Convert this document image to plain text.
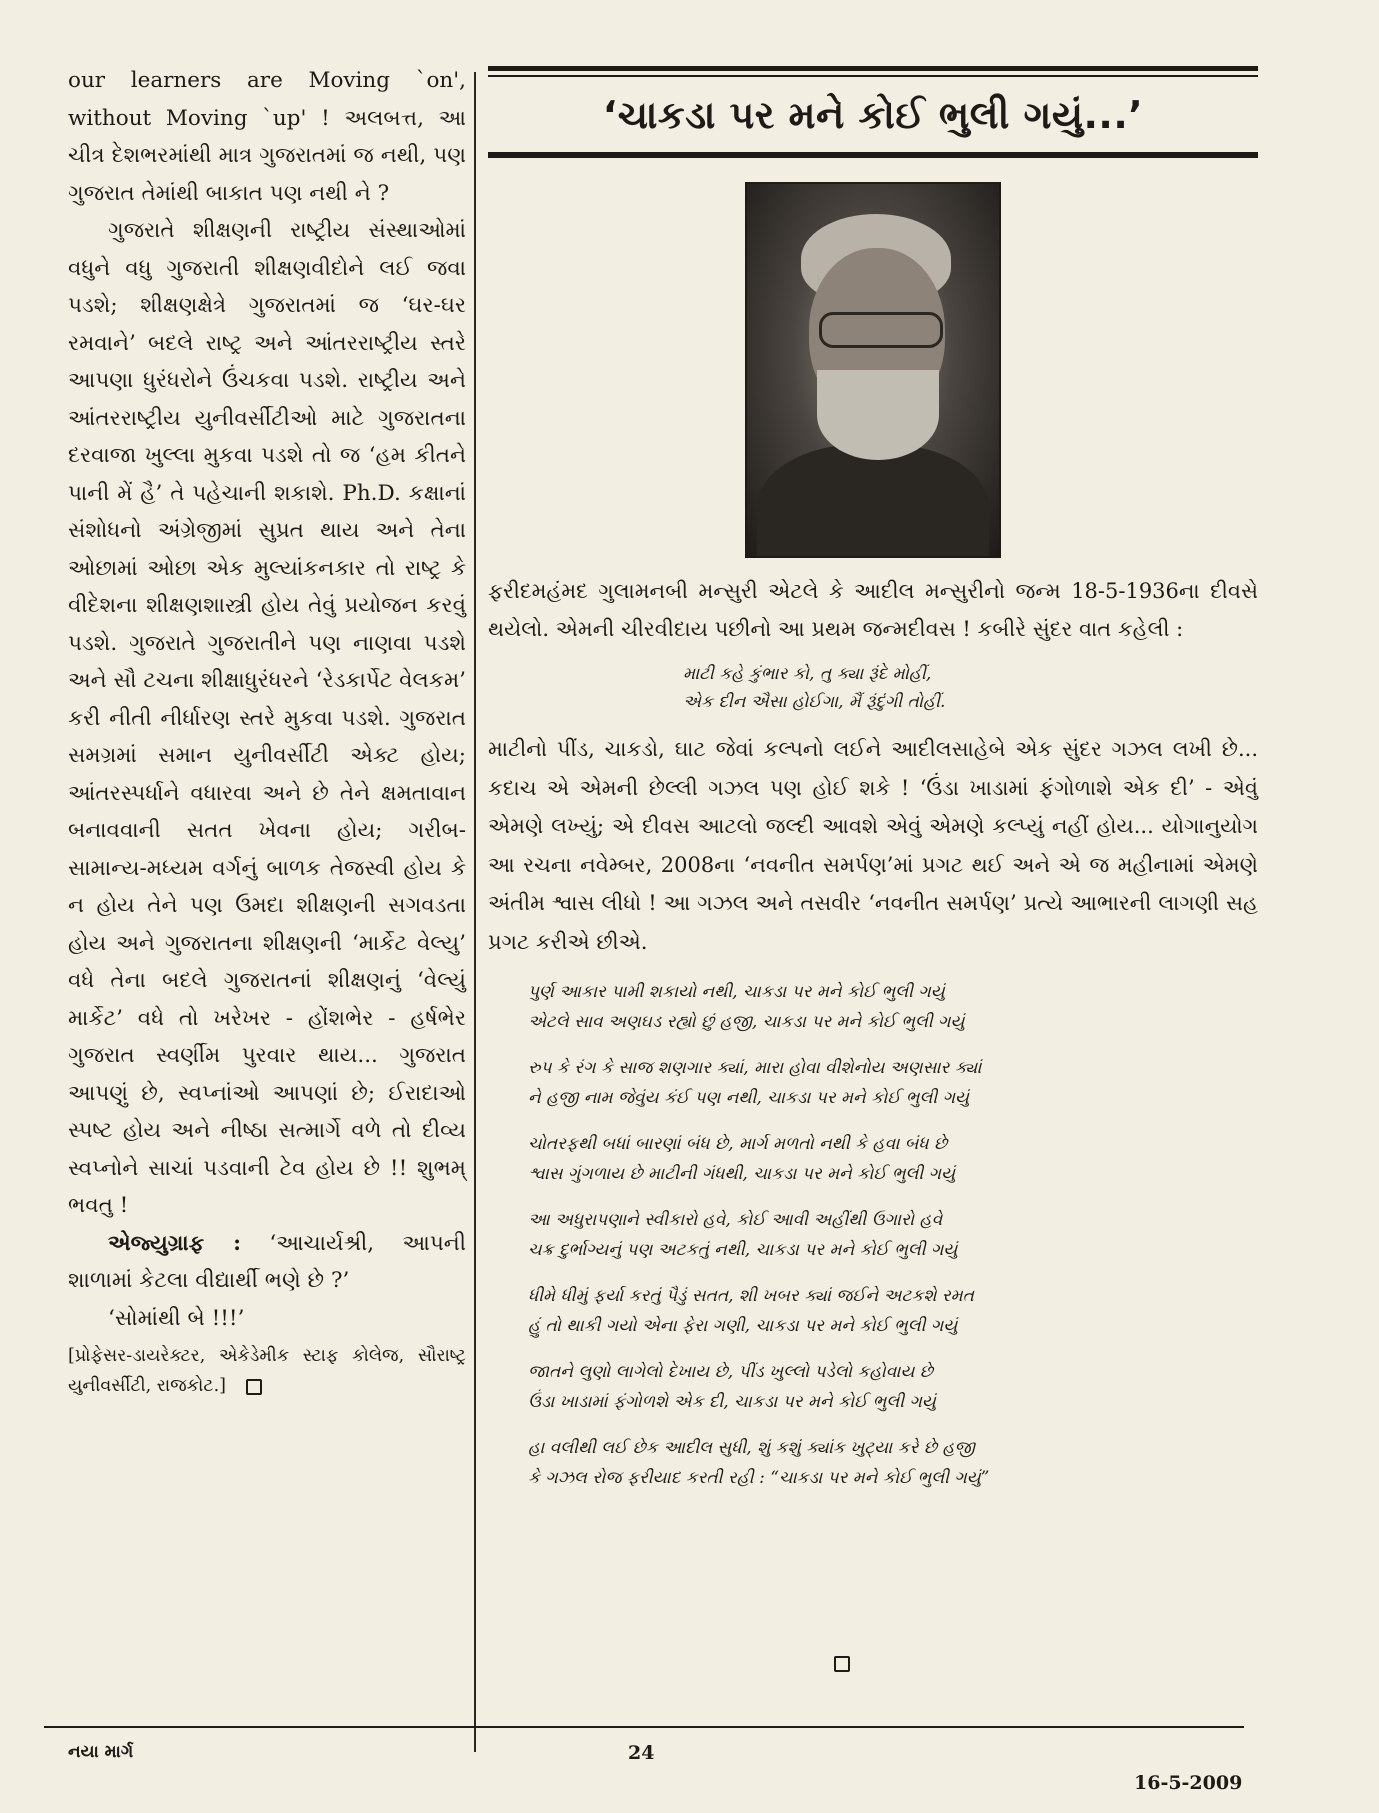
our learners are Moving `on', without Moving `up' ! અલબત્ત, આ ચીત્ર દેશભરમાંથી માત્ર ગુજરાતમાં જ નથી, પણ ગુજરાત તેમાંથી બાકાત પણ નથી ને ?

ગુજરાતે શીક્ષણની રાષ્ટ્રીય સંસ્થાઓમાં વધુને વધુ ગુજરાતી શીક્ષણવીદોને લઈ જવા પડશે; શીક્ષણક્ષેત્રે ગુજરાતમાં જ ‘ઘર-ઘર રમવાને’ બદલે રાષ્ટ્ર અને આંતરરાષ્ટ્રીય સ્તરે આપણા ધુરંધરોને ઉંચકવા પડશે. રાષ્ટ્રીય અને આંતરરાષ્ટ્રીય યુનીવર્સીટીઓ માટે ગુજરાતના દરવાજા ખુલ્લા મુકવા પડશે તો જ ‘હમ કીતને પાની મેં હૈ’ તે પહેચાની શકાશે. Ph.D. કક્ષાનાં સંશોધનો અંગ્રેજીમાં સુપ્રત થાય અને તેના ઓછામાં ઓછા એક મુલ્યાંકનકાર તો રાષ્ટ્ર કે વીદેશના શીક્ષણશાસ્ત્રી હોય તેવું પ્રયોજન કરવું પડશે. ગુજરાતે ગુજરાતીને પણ નાણવા પડશે અને સૌ ટચના શીક્ષાધુરંધરને ‘રેડકાર્પેટ વેલકમ’ કરી નીતી નીર્ધારણ સ્તરે મુકવા પડશે. ગુજરાત સમગ્રમાં સમાન યુનીવર્સીટી એક્ટ હોય; આંતરસ્પર્ધાને વધારવા અને છે તેને ક્ષમતાવાન બનાવવાની સતત ખેવના હોય; ગરીબ-સામાન્ય-મધ્યમ વર્ગનું બાળક તેજસ્વી હોય કે ન હોય તેને પણ ઉમદા શીક્ષણની સગવડતા હોય અને ગુજરાતના શીક્ષણની ‘માર્કેટ વેલ્યુ’ વધે તેના બદલે ગુજરાતનાં શીક્ષણનું ‘વેલ્યું માર્કેટ’ વધે તો ખરેખર - હોંશભેર - હર્ષભેર ગુજરાત સ્વર્ણીમ પુરવાર થાય... ગુજરાત આપણું છે, સ્વપ્નાંઓ આપણાં છે; ઈરાદાઓ સ્પષ્ટ હોય અને નીષ્ઠા સત્માર્ગે વળે તો દીવ્ય સ્વપ્નોને સાચાં પડવાની ટેવ હોય છે !! શુભમ્ ભવતુ !

એજ્યુગ્રાફ : ‘આચાર્યશ્રી, આપની શાળામાં કેટલા વીદ્યાર્થી ભણે છે ?’

‘સોમાંથી બે !!!’

[પ્રોફેસર-ડાયરેક્ટર, એકેડેમીક સ્ટાફ કોલેજ, સૌરાષ્ટ્ર યુનીવર્સીટી, રાજકોટ.]

‘ચાકડા પર મને કોઈ ભુલી ગયું...’

ફરીદમહંમદ ગુલામનબી મન્સુરી એટલે કે આદીલ મન્સુરીનો જન્મ 18-5-1936ના દીવસે થયેલો. એમની ચીરવીદાય પછીનો આ પ્રથમ જન્મદીવસ ! કબીરે સુંદર વાત કહેલી :

માટી કહે કુંભાર કો, તુ ક્યા રૂંદે મોહીં,
એક દીન ઐસા હોઈગા, મૈં રૂંદુંગી તોહીં.

માટીનો પીંડ, ચાકડો, ઘાટ જેવાં કલ્પનો લઈને આદીલસાહેબે એક સુંદર ગઝલ લખી છે... કદાચ એ એમની છેલ્લી ગઝલ પણ હોઈ શકે ! ‘ઉંડા ખાડામાં ફંગોળાશે એક દી’ - એવું એમણે લખ્યું; એ દીવસ આટલો જલ્દી આવશે એવું એમણે કલ્પ્યું નહીં હોય... યોગાનુયોગ આ રચના નવેમ્બર, 2008ના ‘નવનીત સમર્પણ’માં પ્રગટ થઈ અને એ જ મહીનામાં એમણે અંતીમ શ્વાસ લીધો ! આ ગઝલ અને તસવીર ‘નવનીત સમર્પણ’ પ્રત્યે આભારની લાગણી સહ પ્રગટ કરીએ છીએ.

પુર્ણ આકાર પામી શકાયો નથી, ચાકડા પર મને કોઈ ભુલી ગયું
એટલે સાવ અણઘડ રહ્યો છું હજી, ચાકડા પર મને કોઈ ભુલી ગયું
રુપ કે રંગ કે સાજ શણગાર ક્યાં, મારા હોવા વીશેનોય અણસાર ક્યાં
ને હજી નામ જેવુંય કંઈ પણ નથી, ચાકડા પર મને કોઈ ભુલી ગયું
ચોતરફથી બધાં બારણાં બંધ છે, માર્ગ મળતો નથી કે હવા બંધ છે
શ્વાસ ગુંગળાય છે માટીની ગંધથી, ચાકડા પર મને કોઈ ભુલી ગયું
આ અધુરાપણાને સ્વીકારો હવે, કોઈ આવી અહીંથી ઉગારો હવે
ચક્ર દુર્ભાગ્યનું પણ અટકતું નથી, ચાકડા પર મને કોઈ ભુલી ગયું
ધીમે ધીમું ફર્યા કરતું પૈડું સતત, શી ખબર ક્યાં જઈને અટકશે રમત
હું તો થાકી ગયો એના ફેરા ગણી, ચાકડા પર મને કોઈ ભુલી ગયું
જાતને લુણો લાગેલો દેખાય છે, પીંડ ખુલ્લો પડેલો કહોવાય છે
ઉંડા ખાડામાં ફંગોળશે એક દી, ચાકડા પર મને કોઈ ભુલી ગયું
હા વલીથી લઈ છેક આદીલ સુધી, શું કશું ક્યાંક ખુટ્યા કરે છે હજી
કે ગઝલ રોજ ફરીયાદ કરતી રહી : “ચાકડા પર મને કોઈ ભુલી ગયું”
નયા માર્ગ	24
16-5-2009
